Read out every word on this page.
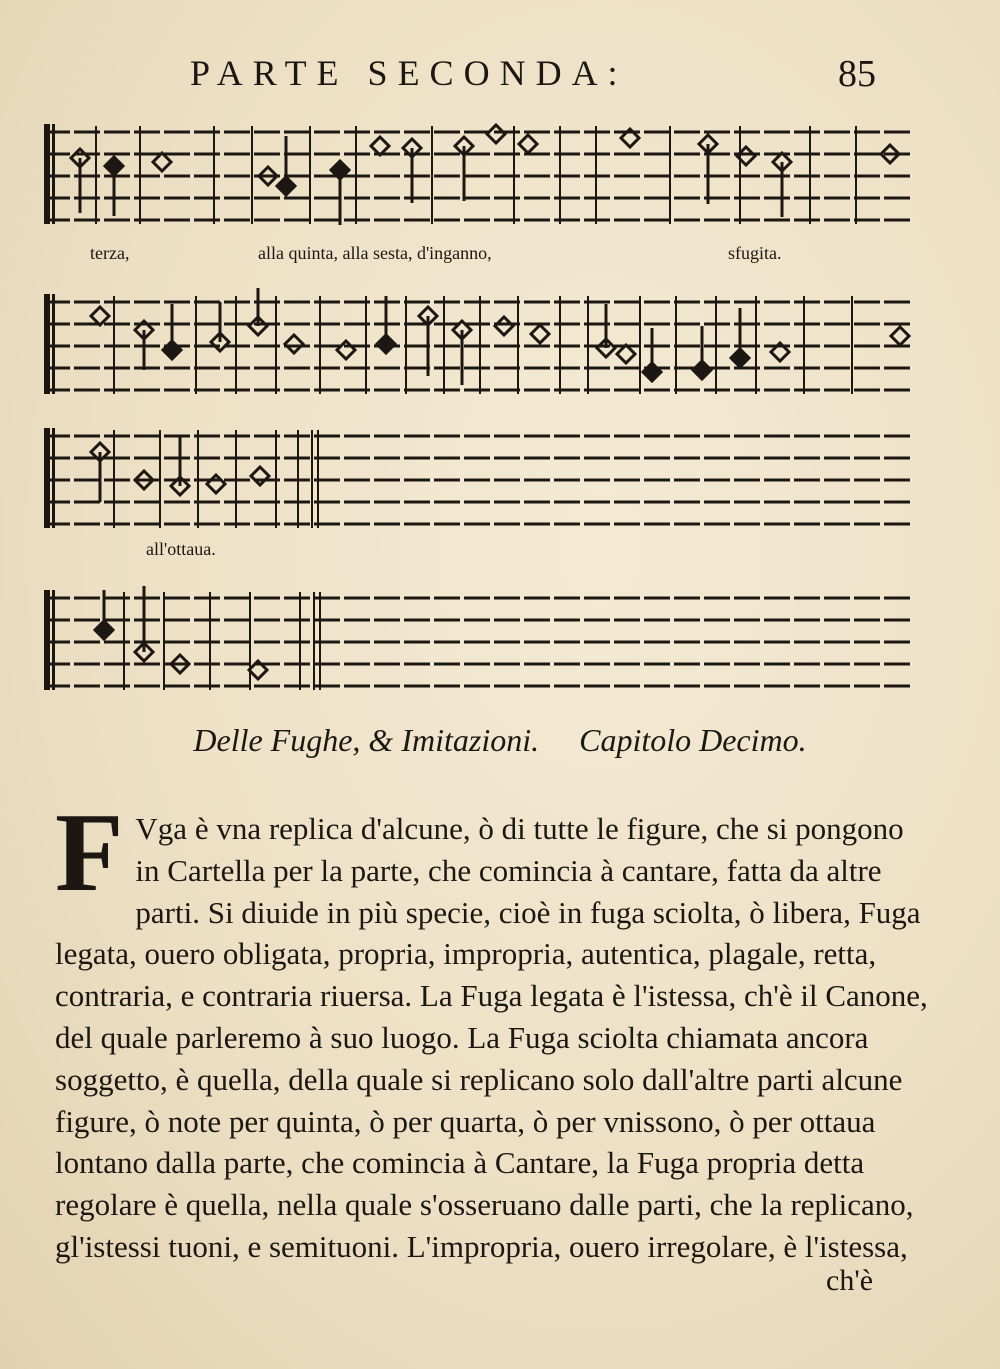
PARTE SECONDA:	85
terza,	alla quinta, alla sesta, d'inganno,	sfugita.
all'ottaua.
Delle Fughe, & Imitazioni. Capitolo Decimo.
F Vga è vna replica d'alcune, ò di tutte le figure, che si pongono in Cartella per la parte, che comincia à cantare, fatta da altre parti. Si diuide in più specie, cioè in fuga sciolta, ò libera, Fuga legata, ouero obligata, propria, impropria, autentica, plagale, retta, contraria, e contraria riuersa. La Fuga legata è l'istessa, ch'è il Canone, del quale parleremo à suo luogo. La Fuga sciolta chiamata ancora soggetto, è quella, della quale si replicano solo dall'altre parti alcune figure, ò note per quinta, ò per quarta, ò per vnissono, ò per ottaua lontano dalla parte, che comincia à Cantare, la Fuga propria detta regolare è quella, nella quale s'osseruano dalle parti, che la replicano, gl'istessi tuoni, e semituoni. L'impropria, ouero irregolare, è l'istessa,
ch'è
